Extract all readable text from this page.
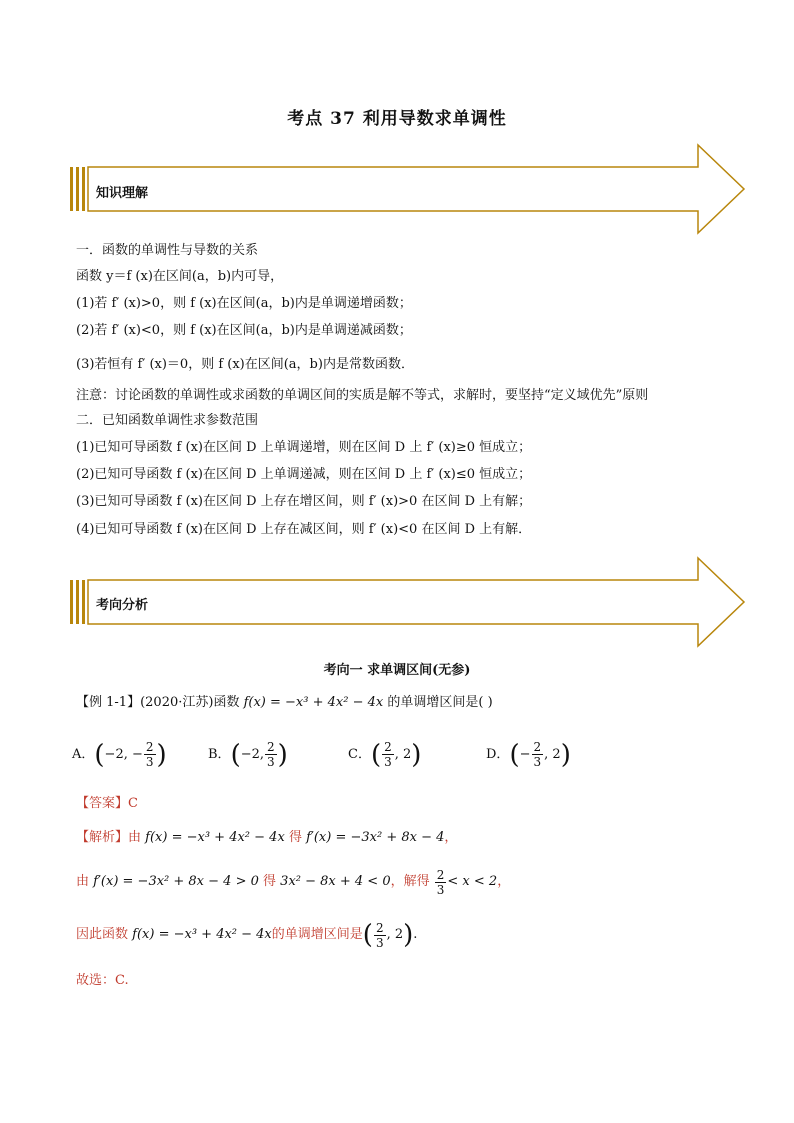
考点 37 利用导数求单调性
知识理解
一．函数的单调性与导数的关系
函数 y＝f (x)在区间(a，b)内可导，
(1)若 f′ (x)>0，则 f (x)在区间(a，b)内是单调递增函数；
(2)若 f′ (x)<0，则 f (x)在区间(a，b)内是单调递减函数；
(3)若恒有 f′ (x)＝0，则 f (x)在区间(a，b)内是常数函数．
注意：讨论函数的单调性或求函数的单调区间的实质是解不等式，求解时，要坚持“定义域优先”原则
二．已知函数单调性求参数范围
(1)已知可导函数 f (x)在区间 D 上单调递增，则在区间 D 上 f′ (x)≥0 恒成立；
(2)已知可导函数 f (x)在区间 D 上单调递减，则在区间 D 上 f′ (x)≤0 恒成立；
(3)已知可导函数 f (x)在区间 D 上存在增区间，则 f′ (x)>0 在区间 D 上有解；
(4)已知可导函数 f (x)在区间 D 上存在减区间，则 f′ (x)<0 在区间 D 上有解．
考向分析
考向一 求单调区间(无参)
【例 1-1】(2020·江苏)函数 f(x) = −x³ + 4x² − 4x 的单调增区间是( )
A． ( −2, − $\frac{2}{3}$ )	B． ( −2, $\frac{2}{3}$ )	C． ( $\frac{2}{3}$ , 2 )	D． ( − $\frac{2}{3}$ , 2 )
【答案】C
【解析】由 f(x) = −x³ + 4x² − 4x 得 f′(x) = −3x² + 8x − 4，
由
f′(x) = −3x² + 8x − 4 > 0
得
3x² − 8x + 4 < 0 ，解得
$\frac{2}{3} < x < 2$ ，
因此函数
f(x) = −x³ + 4x² − 4x 的单调增区间是 ( $\frac{2}{3}$ , 2 ) .
故选：C.
